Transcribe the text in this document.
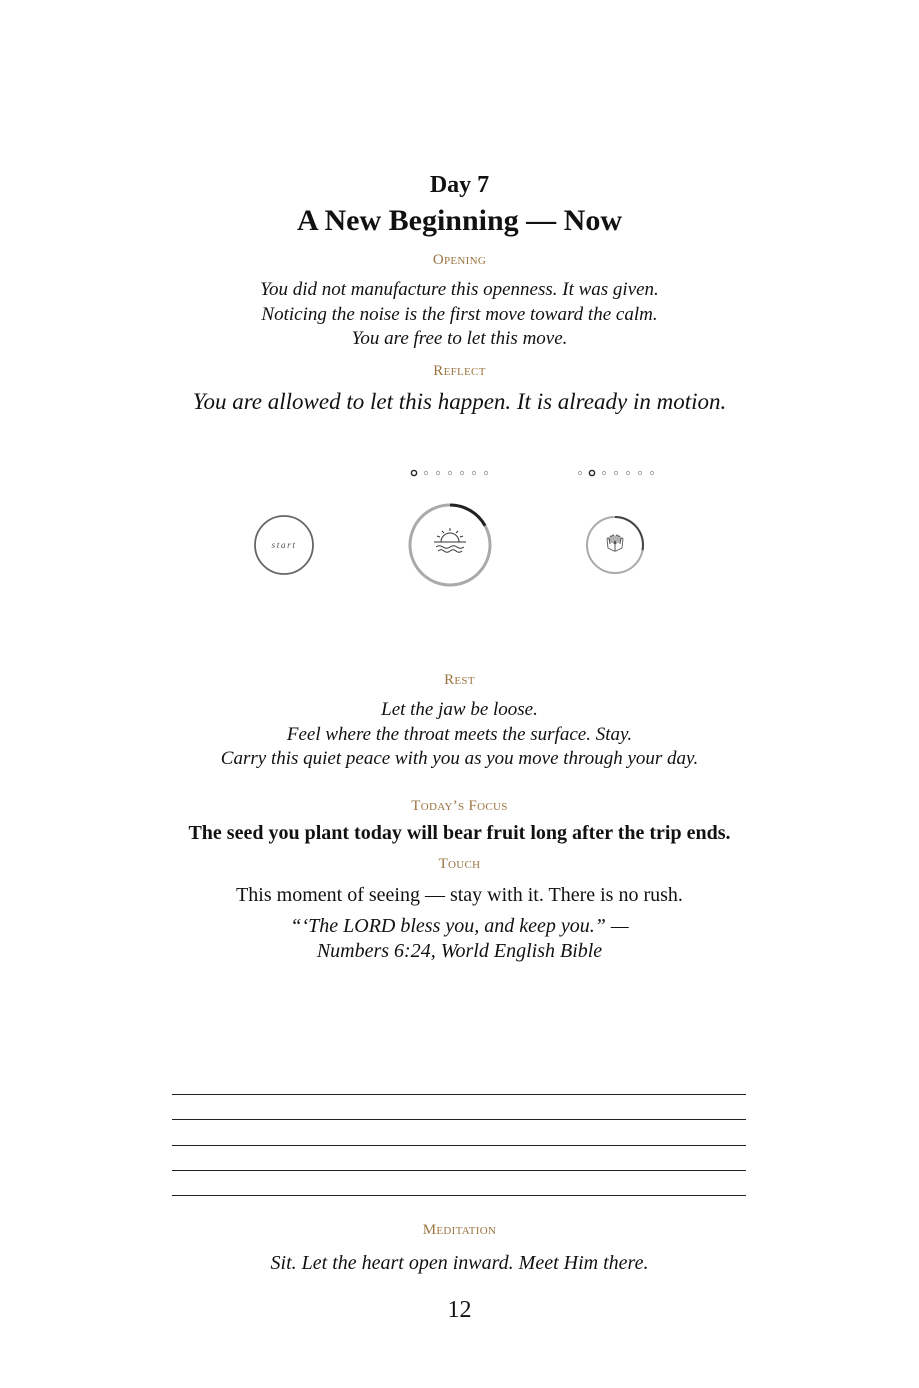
Day 7
A New Beginning — Now
Opening
You did not manufacture this openness. It was given.
Noticing the noise is the first move toward the calm.
You are free to let this move.
Reflect
You are allowed to let this happen. It is already in motion.
start
Rest
Let the jaw be loose.
Feel where the throat meets the surface. Stay.
Carry this quiet peace with you as you move through your day.
Today’s Focus
The seed you plant today will bear fruit long after the trip ends.
Touch
This moment of seeing — stay with it. There is no rush.
“‘The LORD bless you, and keep you.” —
Numbers 6:24, World English Bible
Meditation
Sit. Let the heart open inward. Meet Him there.
12
